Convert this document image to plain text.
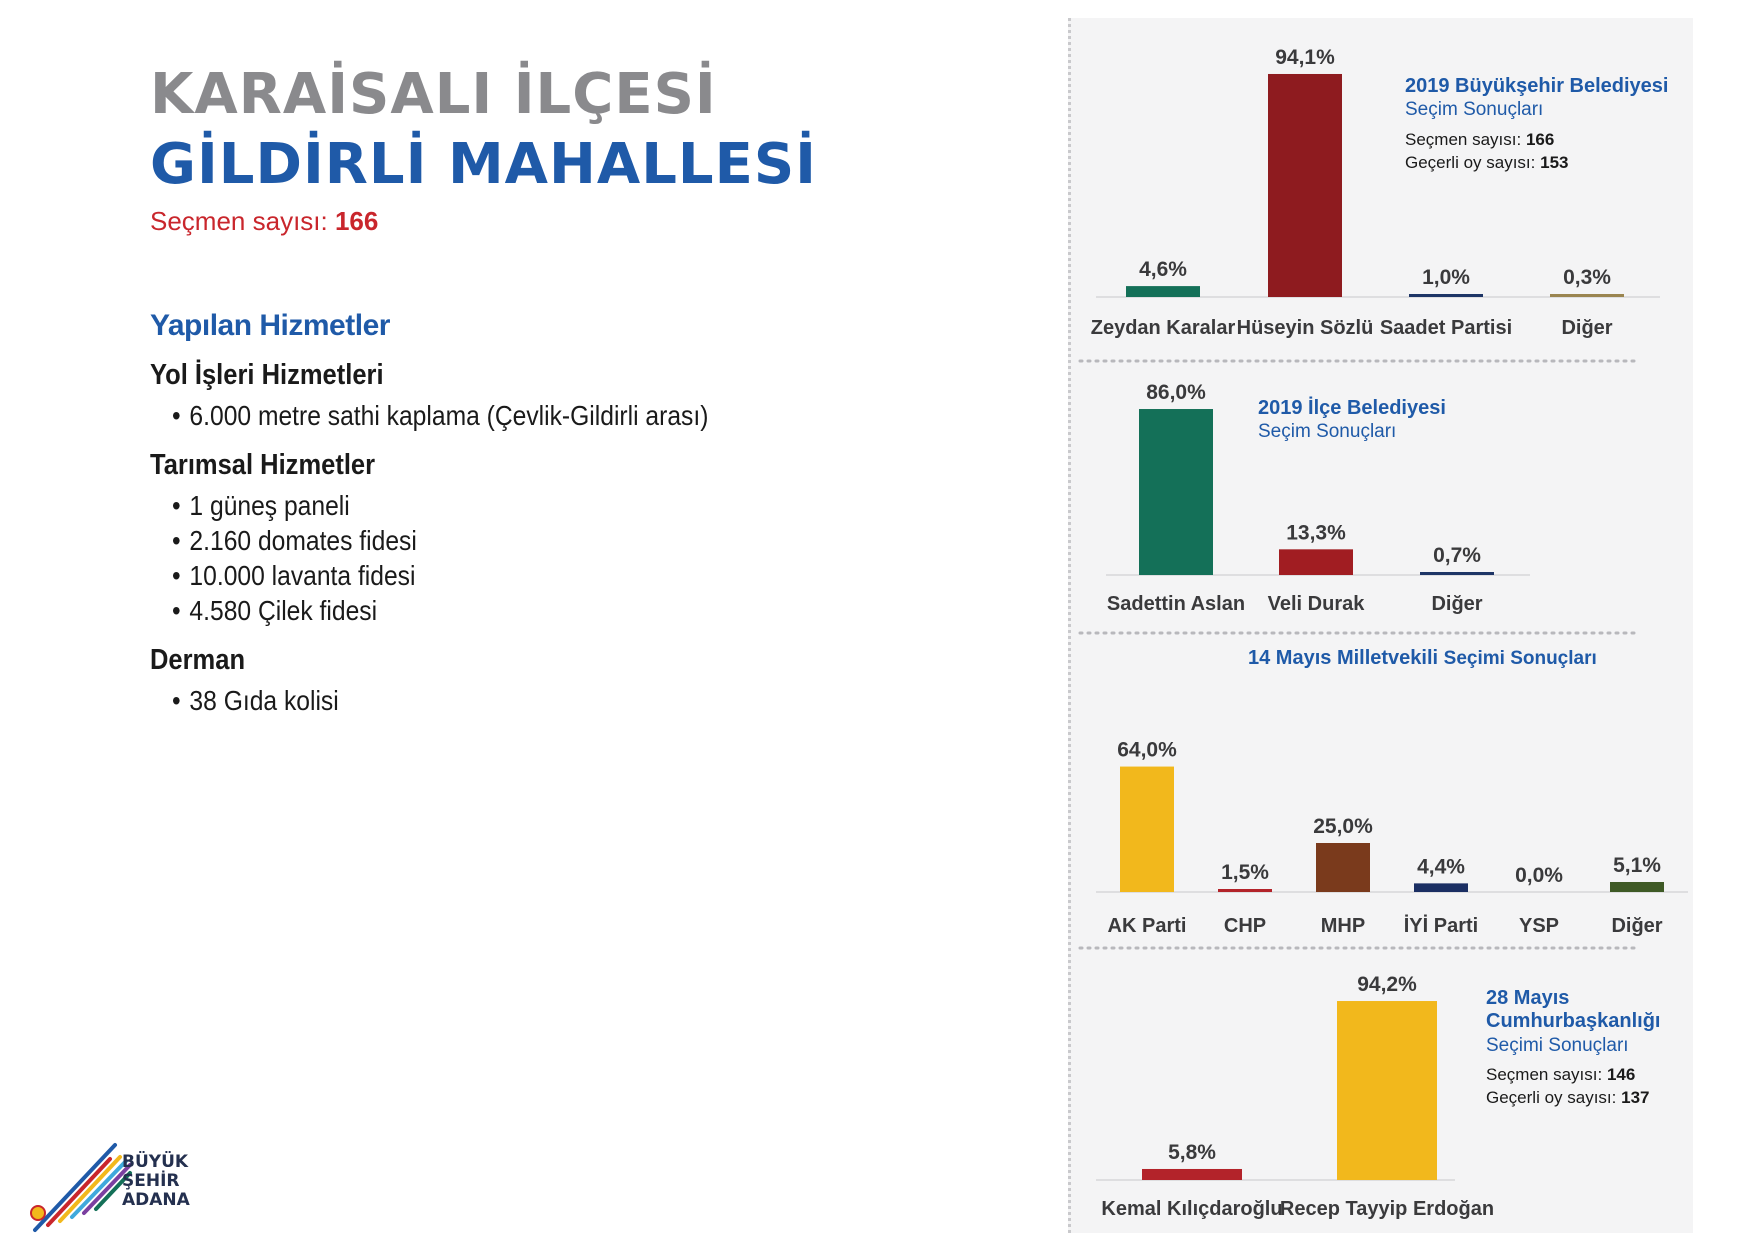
KARAİSALI İLÇESİ
GİLDİRLİ MAHALLESİ
Seçmen sayısı: 166
Yapılan Hizmetler
Yol İşleri Hizmetleri
• 6.000 metre sathi kaplama (Çevlik-Gildirli arası)
Tarımsal Hizmetler
• 1 güneş paneli
• 2.160 domates fidesi
• 10.000 lavanta fidesi
• 4.580 Çilek fidesi
Derman
• 38 Gıda kolisi
BÜYÜK
ŞEHİR
ADANA
4,6%
Zeydan Karalar
94,1%
Hüseyin Sözlü
1,0%
Saadet Partisi
0,3%
Diğer
2019 Büyükşehir Belediyesi
Seçim Sonuçları
Seçmen sayısı: 166
Geçerli oy sayısı: 153
86,0%
Sadettin Aslan
13,3%
Veli Durak
0,7%
Diğer
2019 İlçe Belediyesi
Seçim Sonuçları
64,0%
AK Parti
1,5%
CHP
25,0%
MHP
4,4%
İYİ Parti
0,0%
YSP
5,1%
Diğer
14 Mayıs Milletvekili Seçimi Sonuçları
5,8%
Kemal Kılıçdaroğlu
94,2%
Recep Tayyip Erdoğan
28 Mayıs
Cumhurbaşkanlığı
Seçimi Sonuçları
Seçmen sayısı: 146
Geçerli oy sayısı: 137
